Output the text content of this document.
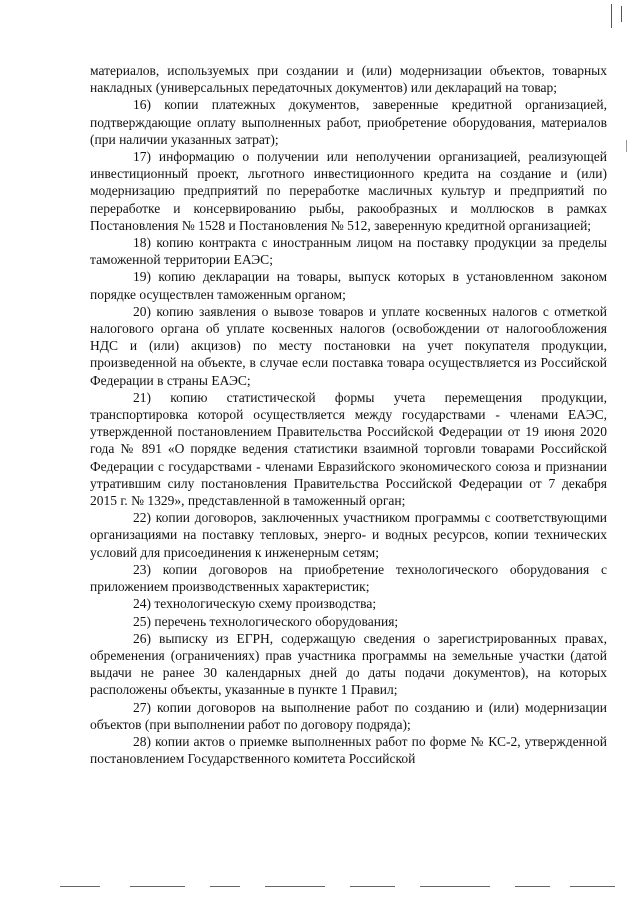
материалов, используемых при создании и (или) модернизации объектов, товарных накладных (универсальных передаточных документов) или деклараций на товар;

16) копии платежных документов, заверенные кредитной организацией, подтверждающие оплату выполненных работ, приобретение оборудования, материалов (при наличии указанных затрат);

17) информацию о получении или неполучении организацией, реализующей инвестиционный проект, льготного инвестиционного кредита на создание и (или) модернизацию предприятий по переработке масличных культур и предприятий по переработке и консервированию рыбы, ракообразных и моллюсков в рамках Постановления № 1528 и Постановления № 512, заверенную кредитной организацией;

18) копию контракта с иностранным лицом на поставку продукции за пределы таможенной территории ЕАЭС;

19) копию декларации на товары, выпуск которых в установленном законом порядке осуществлен таможенным органом;

20) копию заявления о вывозе товаров и уплате косвенных налогов с отметкой налогового органа об уплате косвенных налогов (освобождении от налогообложения НДС и (или) акцизов) по месту постановки на учет покупателя продукции, произведенной на объекте, в случае если поставка товара осуществляется из Российской Федерации в страны ЕАЭС;

21) копию статистической формы учета перемещения продукции, транспортировка которой осуществляется между государствами - членами ЕАЭС, утвержденной постановлением Правительства Российской Федерации от 19 июня 2020 года № 891 «О порядке ведения статистики взаимной торговли товарами Российской Федерации с государствами - членами Евразийского экономического союза и признании утратившим силу постановления Правительства Российской Федерации от 7 декабря 2015 г. № 1329», представленной в таможенный орган;

22) копии договоров, заключенных участником программы с соответствующими организациями на поставку тепловых, энерго- и водных ресурсов, копии технических условий для присоединения к инженерным сетям;

23) копии договоров на приобретение технологического оборудования с приложением производственных характеристик;

24) технологическую схему производства;

25) перечень технологического оборудования;

26) выписку из ЕГРН, содержащую сведения о зарегистрированных правах, обременения (ограничениях) прав участника программы на земельные участки (датой выдачи не ранее 30 календарных дней до даты подачи документов), на которых расположены объекты, указанные в пункте 1 Правил;

27) копии договоров на выполнение работ по созданию и (или) модернизации объектов (при выполнении работ по договору подряда);

28) копии актов о приемке выполненных работ по форме № КС-2, утвержденной постановлением Государственного комитета Российской
